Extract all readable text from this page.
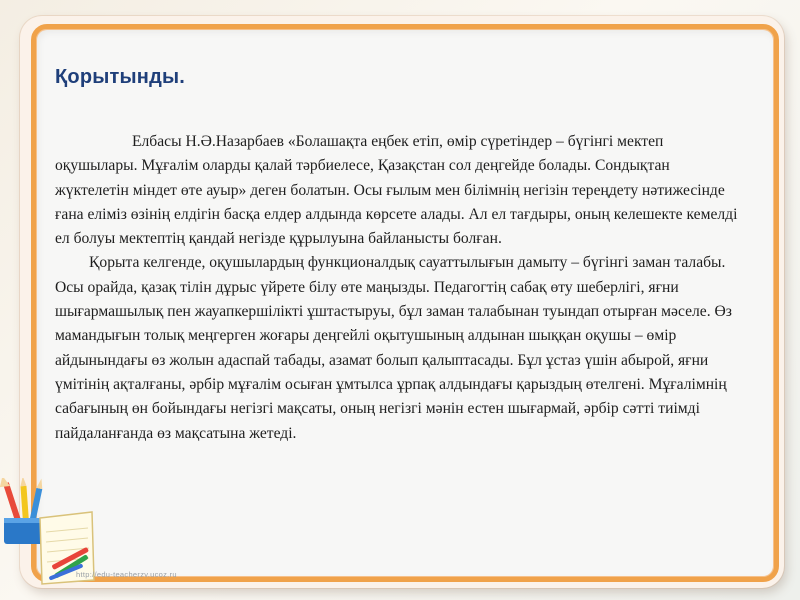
Қорытынды.

Елбасы Н.Ә.Назарбаев «Болашақта еңбек етіп, өмір сүретіндер – бүгінгі мектеп оқушылары. Мұғалім оларды қалай тәрбиелесе, Қазақстан сол деңгейде болады. Сондықтан жүктелетін міндет өте ауыр» деген болатын. Осы ғылым мен білімнің негізін тереңдету нәтижесінде ғана еліміз өзінің елдігін басқа елдер алдында көрсете алады. Ал ел тағдыры, оның келешекте кемелді ел болуы мектептің қандай негізде құрылуына байланысты болған.

Қорыта келгенде, оқушылардың функционалдық сауаттылығын дамыту – бүгінгі заман талабы. Осы орайда, қазақ тілін дұрыс үйрете білу өте маңызды. Педагогтің сабақ өту шеберлігі, яғни шығармашылық пен жауапкершілікті ұштастыруы, бұл заман талабынан туындап отырған мәселе. Өз мамандығын толық меңгерген жоғары деңгейлі оқытушының алдынан шыққан оқушы – өмір айдынындағы өз жолын адаспай табады, азамат болып қалыптасады. Бұл ұстаз үшін абырой, яғни үмітінің ақталғаны, әрбір мұғалім осыған ұмтылса ұрпақ алдындағы қарыздың өтелгені. Мұғалімнің сабағының өн бойындағы негізгі мақсаты, оның негізгі мәнін естен шығармай, әрбір сәтті тиімді пайдаланғанда өз мақсатына жетеді.

http://edu-teacherzv.ucoz.ru
